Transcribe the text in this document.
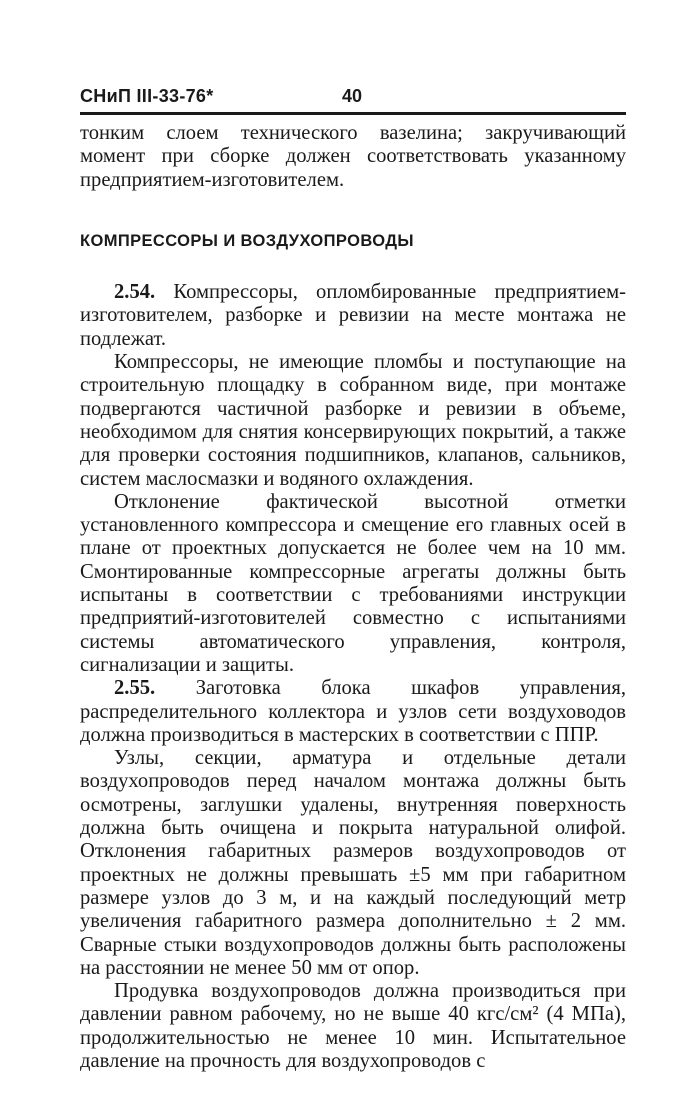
СНиП III-33-76*	40

тонким слоем технического вазелина; закручивающий момент при сборке должен соответствовать указанному предприятием-изготовителем.

КОМПРЕССОРЫ И ВОЗДУХОПРОВОДЫ

2.54. Компрессоры, опломбированные предприятием-изготовителем, разборке и ревизии на месте монтажа не подлежат.

Компрессоры, не имеющие пломбы и поступающие на строительную площадку в собранном виде, при монтаже подвергаются частичной разборке и ревизии в объеме, необходимом для снятия консервирующих покрытий, а также для проверки состояния подшипников, клапанов, сальников, систем маслосмазки и водяного охлаждения.

Отклонение фактической высотной отметки установленного компрессора и смещение его главных осей в плане от проектных допускается не более чем на 10 мм. Смонтированные компрессорные агрегаты должны быть испытаны в соответствии с требованиями инструкции предприятий-изготовителей совместно с испытаниями системы автоматического управления, контроля, сигнализации и защиты.

2.55. Заготовка блока шкафов управления, распределительного коллектора и узлов сети воздуховодов должна производиться в мастерских в соответствии с ППР.

Узлы, секции, арматура и отдельные детали воздухопроводов перед началом монтажа должны быть осмотрены, заглушки удалены, внутренняя поверхность должна быть очищена и покрыта натуральной олифой. Отклонения габаритных размеров воздухопроводов от проектных не должны превышать ±5 мм при габаритном размере узлов до 3 м, и на каждый последующий метр увеличения габаритного размера дополнительно ± 2 мм. Сварные стыки воздухопроводов должны быть расположены на расстоянии не менее 50 мм от опор.

Продувка воздухопроводов должна производиться при давлении равном рабочему, но не выше 40 кгс/см² (4 МПа), продолжительностью не менее 10 мин. Испытательное давление на прочность для воздухопроводов с
